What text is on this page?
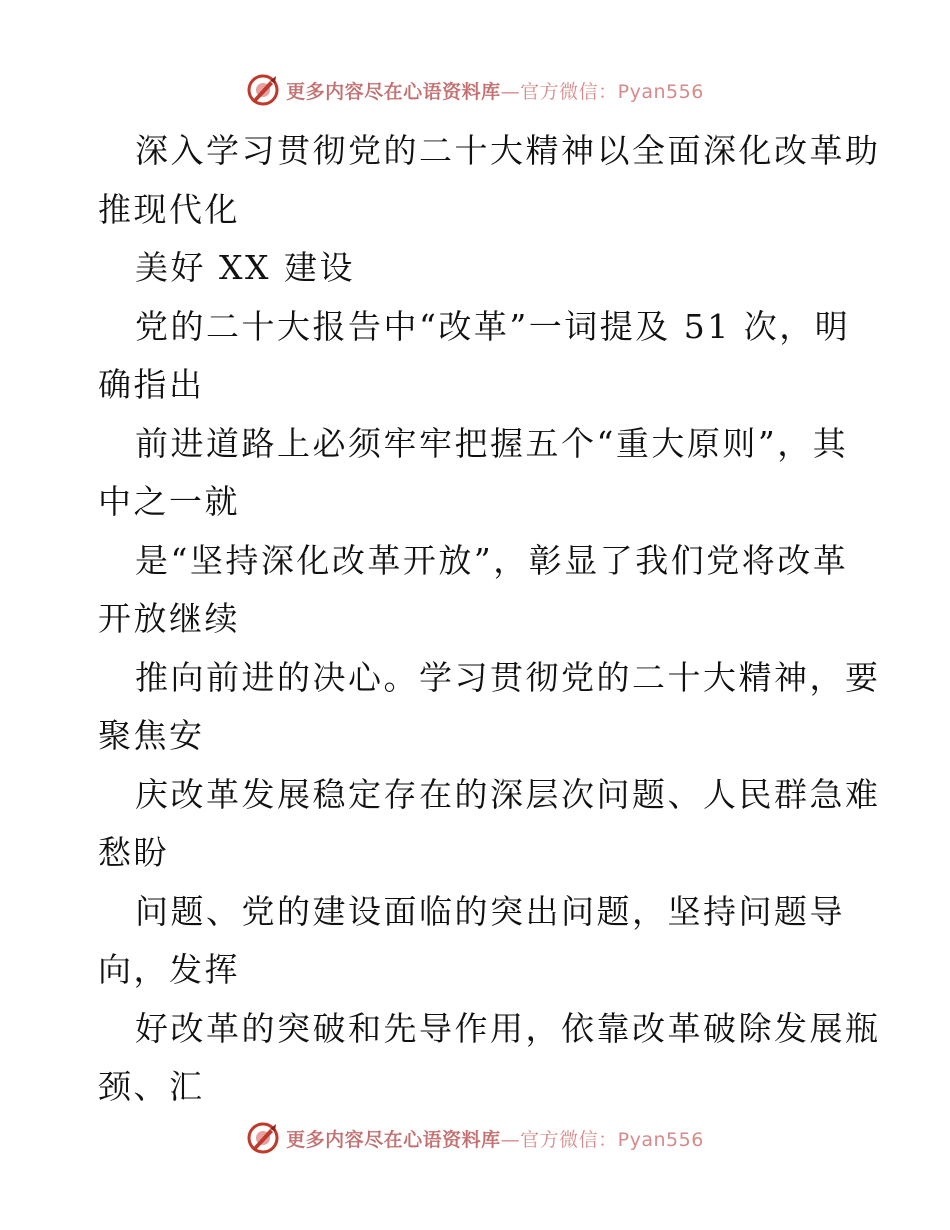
更多内容尽在心语资料库—官方微信：Pyan556
深入学习贯彻党的二十大精神以全面深化改革助
推现代化
美好 XX 建设
党的二十大报告中“改革”一词提及 51 次，明
确指出
前进道路上必须牢牢把握五个“重大原则”，其
中之一就
是“坚持深化改革开放”，彰显了我们党将改革
开放继续
推向前进的决心。学习贯彻党的二十大精神，要
聚焦安
庆改革发展稳定存在的深层次问题、人民群急难
愁盼
问题、党的建设面临的突出问题，坚持问题导
向，发挥
好改革的突破和先导作用，依靠改革破除发展瓶
颈、汇
更多内容尽在心语资料库—官方微信：Pyan556
